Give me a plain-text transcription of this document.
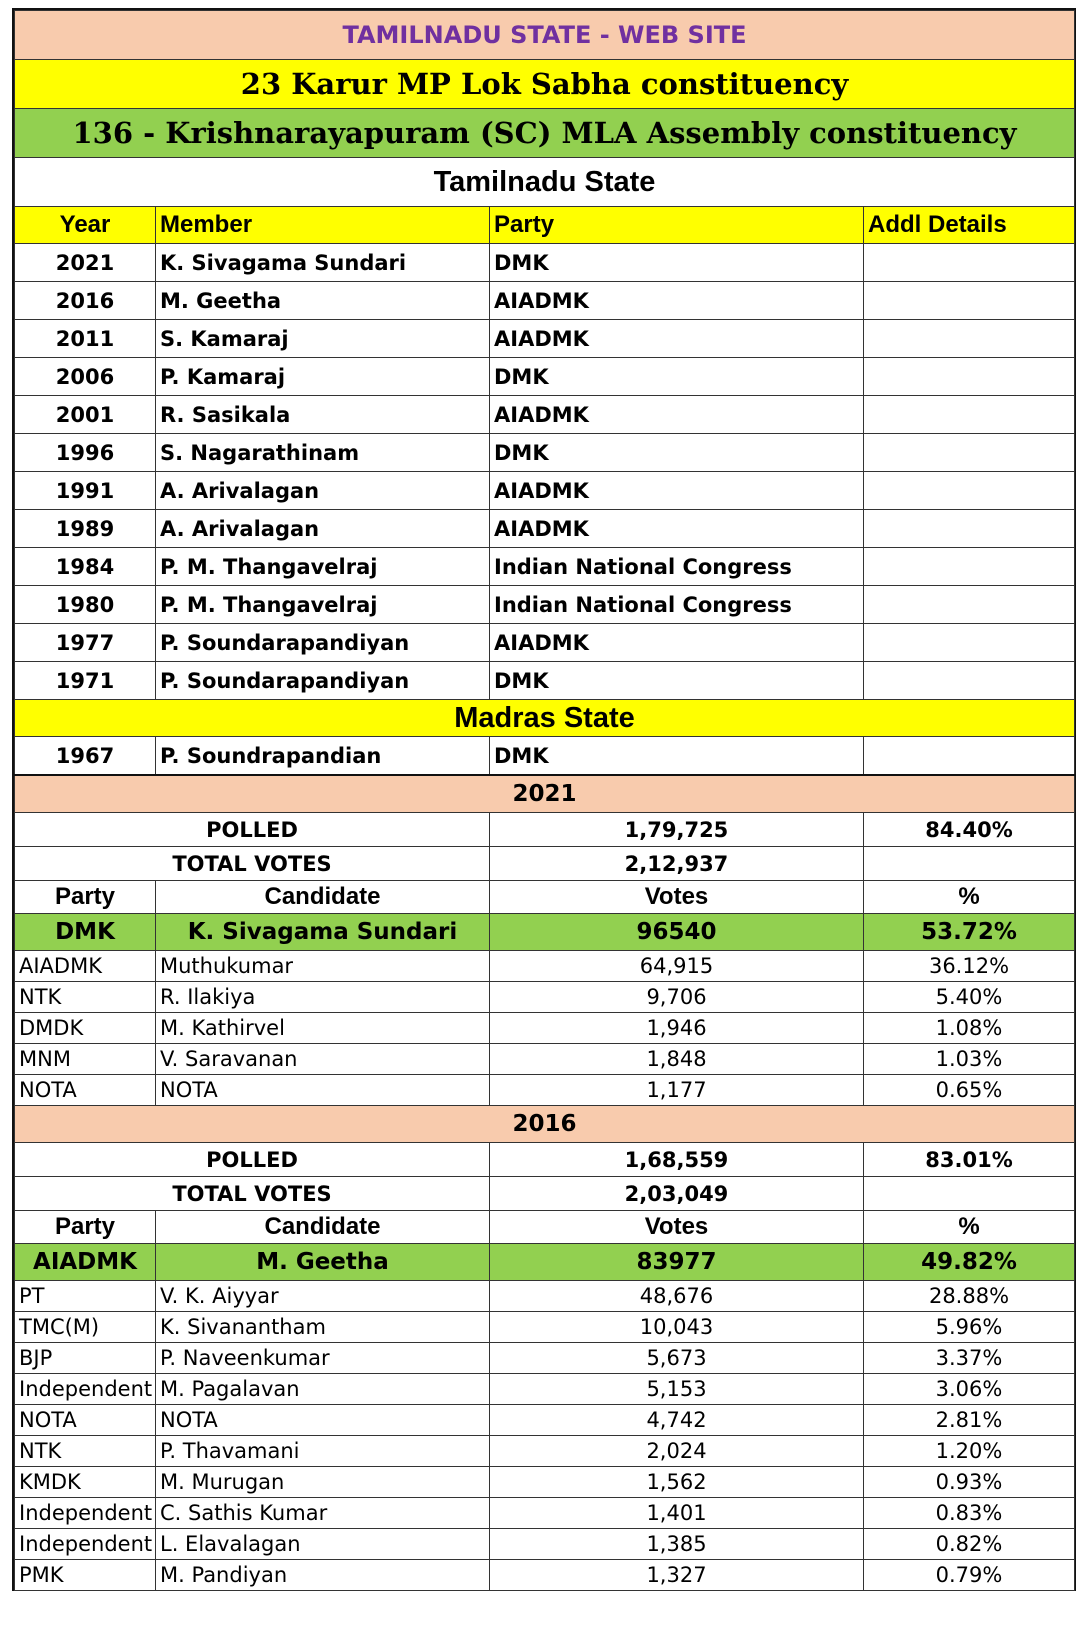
TAMILNADU STATE - WEB SITE			
23 Karur MP Lok Sabha constituency			
136 - Krishnarayapuram (SC) MLA Assembly constituency			
Tamilnadu State			
Year	Member	Party	Addl Details
2021	K. Sivagama Sundari	DMK	
2016	M. Geetha	AIADMK	
2011	S. Kamaraj	AIADMK	
2006	P. Kamaraj	DMK	
2001	R. Sasikala	AIADMK	
1996	S. Nagarathinam	DMK	
1991	A. Arivalagan	AIADMK	
1989	A. Arivalagan	AIADMK	
1984	P. M. Thangavelraj	Indian National Congress	
1980	P. M. Thangavelraj	Indian National Congress	
1977	P. Soundarapandiyan	AIADMK	
1971	P. Soundarapandiyan	DMK	
Madras State			
1967	P. Soundrapandian	DMK	
2021			
POLLED		1,79,725	84.40%
TOTAL VOTES		2,12,937	
Party	Candidate	Votes	%
DMK	K. Sivagama Sundari	96540	53.72%
AIADMK	Muthukumar	64,915	36.12%
NTK	R. Ilakiya	9,706	5.40%
DMDK	M. Kathirvel	1,946	1.08%
MNM	V. Saravanan	1,848	1.03%
NOTA	NOTA	1,177	0.65%
2016			
POLLED		1,68,559	83.01%
TOTAL VOTES		2,03,049	
Party	Candidate	Votes	%
AIADMK	M. Geetha	83977	49.82%
PT	V. K. Aiyyar	48,676	28.88%
TMC(M)	K. Sivanantham	10,043	5.96%
BJP	P. Naveenkumar	5,673	3.37%
Independent	M. Pagalavan	5,153	3.06%
NOTA	NOTA	4,742	2.81%
NTK	P. Thavamani	2,024	1.20%
KMDK	M. Murugan	1,562	0.93%
Independent	C. Sathis Kumar	1,401	0.83%
Independent	L. Elavalagan	1,385	0.82%
PMK	M. Pandiyan	1,327	0.79%
